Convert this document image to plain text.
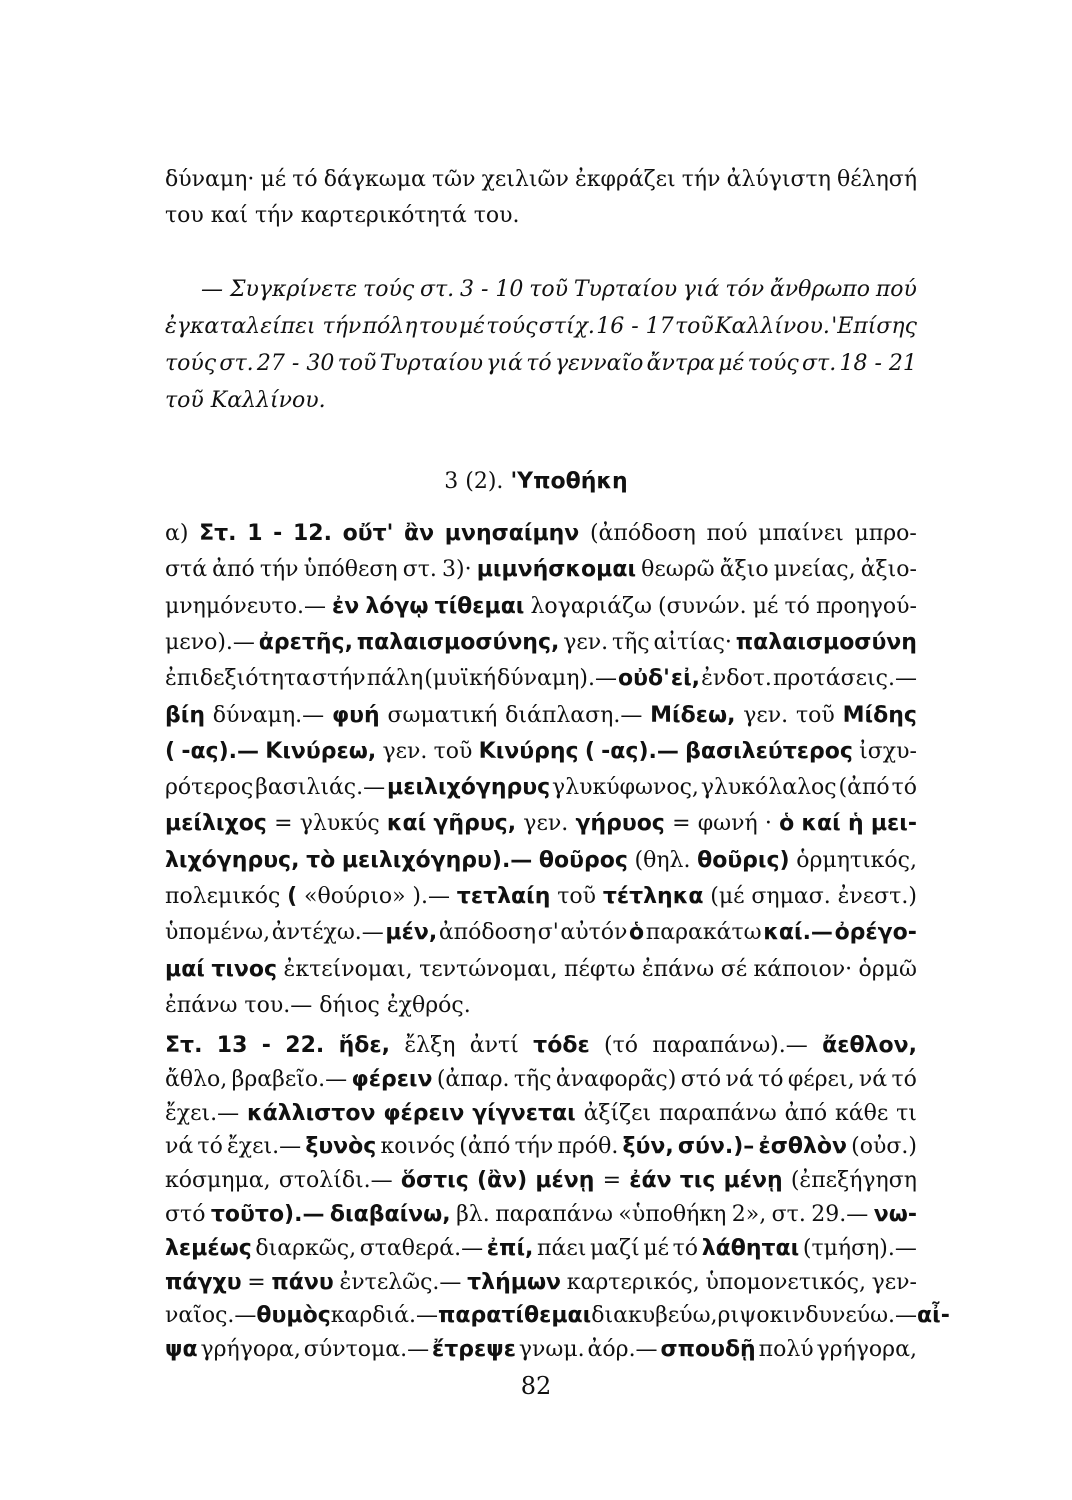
δύναμη· μέ τό δάγκωμα τῶν χειλιῶν ἐκφράζει τήν ἀλύγιστη θέλησή
του καί τήν καρτερικότητά του.
— Συγκρίνετε τούς στ. 3 - 10 τοῦ Τυρταίου γιά τόν ἄνθρωπο πού
ἐγκαταλείπει τήν πόλη του μέ τούς στίχ. 16 - 17 τοῦ Καλλίνου. 'Επίσης
τούς στ. 27 - 30 τοῦ Τυρταίου γιά τό γενναῖο ἄντρα μέ τούς στ. 18 - 21
τοῦ Καλλίνου.
3 (2). 'Υποθήκη
α) Στ. 1 - 12. οὔτ' ἂν μνησαίμην (ἀπόδοση πού μπαίνει μπρο-
στά ἀπό τήν ὑπόθεση στ. 3)· μιμνήσκομαι θεωρῶ ἄξιο μνείας, ἀξιο-
μνημόνευτο.— ἐν λόγῳ τίθεμαι λογαριάζω (συνών. μέ τό προηγού-
μενο).— ἀρετῆς, παλαισμοσύνης, γεν. τῆς αἰτίας· παλαισμοσύνη
ἐπιδεξιότητα στήν πάλη (μυϊκή δύναμη).— οὐδ' εἰ, ἐνδοτ. προτάσεις.—
βίη δύναμη.— φυή σωματική διάπλαση.— Μίδεω, γεν. τοῦ Μίδης
( -ας).— Κινύρεω, γεν. τοῦ Κινύρης ( -ας).— βασιλεύτερος ἰσχυ-
ρότερος βασιλιάς.— μειλιχόγηρυς γλυκύφωνος, γλυκόλαλος (ἀπό τό
μείλιχος = γλυκύς καί γῆρυς, γεν. γήρυος = φωνή · ὁ καί ἡ μει-
λιχόγηρυς, τὸ μειλιχόγηρυ).— θοῦρος (θηλ. θοῦρις) ὁρμητικός,
πολεμικός ( «θούριο» ).— τετλαίη τοῦ τέτληκα (μέ σημασ. ἐνεστ.)
ὑπομένω, ἀντέχω.— μέν, ἀπόδοση σ' αὐτόν ὁ παρακάτω καί.— ὀρέγο-
μαί τινος ἐκτείνομαι, τεντώνομαι, πέφτω ἐπάνω σέ κάποιον· ὁρμῶ
ἐπάνω του.— δήιος ἐχθρός.
Στ. 13 - 22. ἥδε, ἔλξη ἀντί τόδε (τό παραπάνω).— ἄεθλον,
ἄθλο, βραβεῖο.— φέρειν (ἀπαρ. τῆς ἀναφορᾶς) στό νά τό φέρει, νά τό
ἔχει.— κάλλιστον φέρειν γίγνεται ἀξίζει παραπάνω ἀπό κάθε τι
νά τό ἔχει.— ξυνὸς κοινός (ἀπό τήν πρόθ. ξύν, σύν.)– ἐσθλὸν (οὐσ.)
κόσμημα, στολίδι.— ὅστις (ἂν) μένῃ = ἐάν τις μένῃ (ἐπεξήγηση
στό τοῦτο).— διαβαίνω, βλ. παραπάνω «ὑποθήκη 2», στ. 29.— νω-
λεμέως διαρκῶς, σταθερά.— ἐπί, πάει μαζί μέ τό λάθηται (τμήση).—
πάγχυ = πάνυ ἐντελῶς.— τλήμων καρτερικός, ὑπομονετικός, γεν-
ναῖος.— θυμὸς καρδιά.— παρατίθεμαι διακυβεύω, ριψοκινδυνεύω.— αἶ-
ψα γρήγορα, σύντομα.— ἔτρεψε γνωμ. ἀόρ.— σπουδῇ πολύ γρήγορα,
82
